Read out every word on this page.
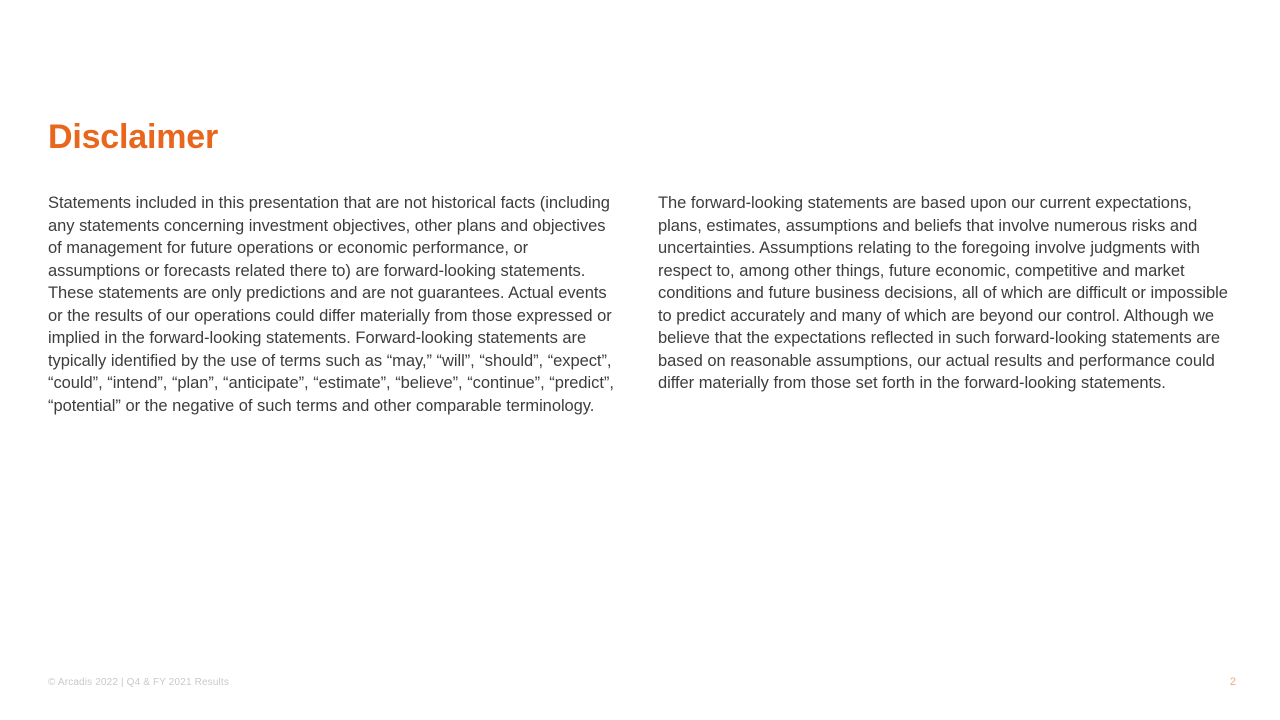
Disclaimer

Statements included in this presentation that are not historical facts (including any statements concerning investment objectives, other plans and objectives of management for future operations or economic performance, or assumptions or forecasts related there to) are forward-looking statements. These statements are only predictions and are not guarantees. Actual events or the results of our operations could differ materially from those expressed or implied in the forward-looking statements. Forward-looking statements are typically identified by the use of terms such as “may,” “will”, “should”, “expect”, “could”, “intend”, “plan”, “anticipate”, “estimate”, “believe”, “continue”, “predict”, “potential” or the negative of such terms and other comparable terminology.

The forward-looking statements are based upon our current expectations, plans, estimates, assumptions and beliefs that involve numerous risks and uncertainties. Assumptions relating to the foregoing involve judgments with respect to, among other things, future economic, competitive and market conditions and future business decisions, all of which are difficult or impossible to predict accurately and many of which are beyond our control. Although we believe that the expectations reflected in such forward-looking statements are based on reasonable assumptions, our actual results and performance could differ materially from those set forth in the forward-looking statements.

© Arcadis 2022 | Q4 & FY 2021 Results	2
